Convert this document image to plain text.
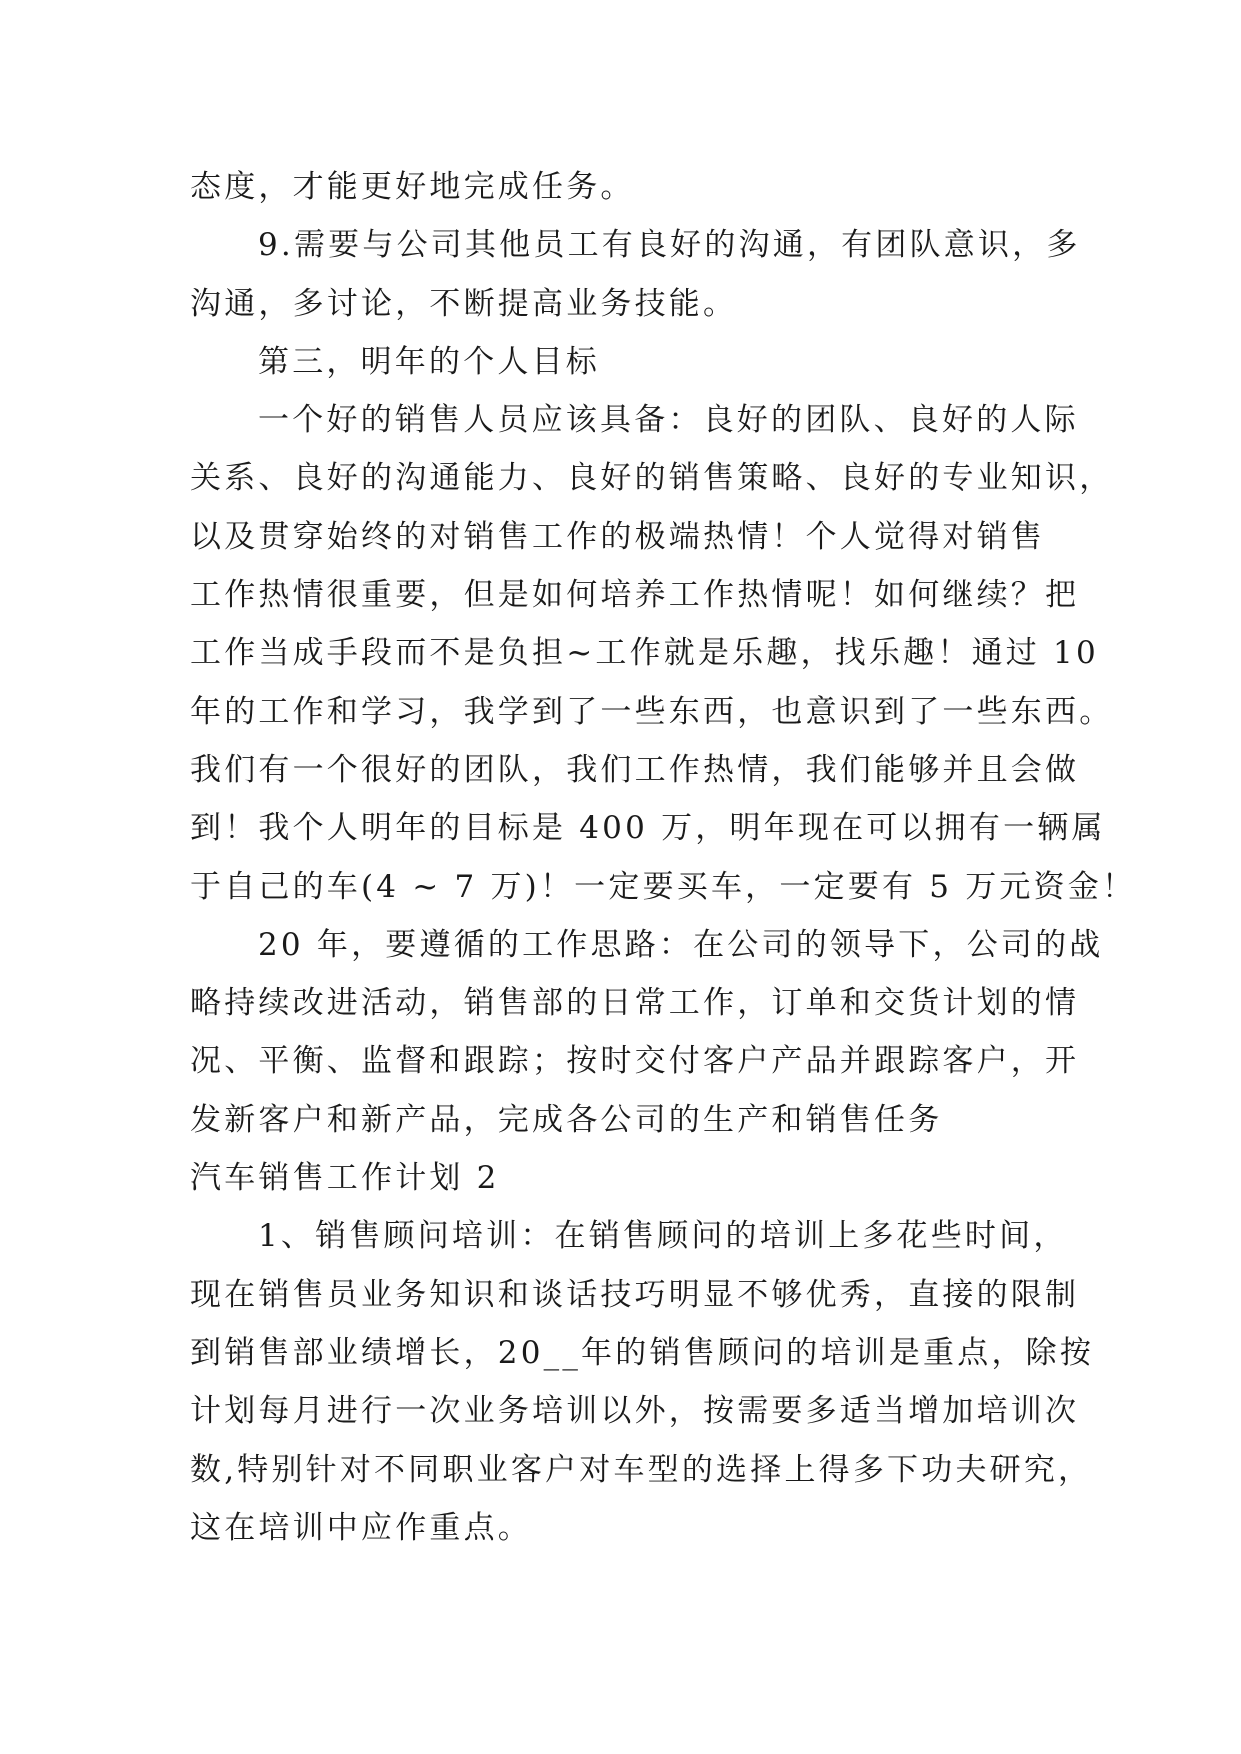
态度，才能更好地完成任务。
9.需要与公司其他员工有良好的沟通，有团队意识，多
沟通，多讨论，不断提高业务技能。
第三，明年的个人目标
一个好的销售人员应该具备：良好的团队、良好的人际
关系、良好的沟通能力、良好的销售策略、良好的专业知识，
以及贯穿始终的对销售工作的极端热情！个人觉得对销售
工作热情很重要，但是如何培养工作热情呢！如何继续？把
工作当成手段而不是负担~工作就是乐趣，找乐趣！通过 10
年的工作和学习，我学到了一些东西，也意识到了一些东西。
我们有一个很好的团队，我们工作热情，我们能够并且会做
到！我个人明年的目标是 400 万，明年现在可以拥有一辆属
于自己的车(4 ~ 7 万)！一定要买车，一定要有 5 万元资金！
20 年，要遵循的工作思路：在公司的领导下，公司的战
略持续改进活动，销售部的日常工作，订单和交货计划的情
况、平衡、监督和跟踪；按时交付客户产品并跟踪客户，开
发新客户和新产品，完成各公司的生产和销售任务
汽车销售工作计划 2
1、销售顾问培训：在销售顾问的培训上多花些时间，
现在销售员业务知识和谈话技巧明显不够优秀，直接的限制
到销售部业绩增长，20__年的销售顾问的培训是重点，除按
计划每月进行一次业务培训以外，按需要多适当增加培训次
数,特别针对不同职业客户对车型的选择上得多下功夫研究，
这在培训中应作重点。
